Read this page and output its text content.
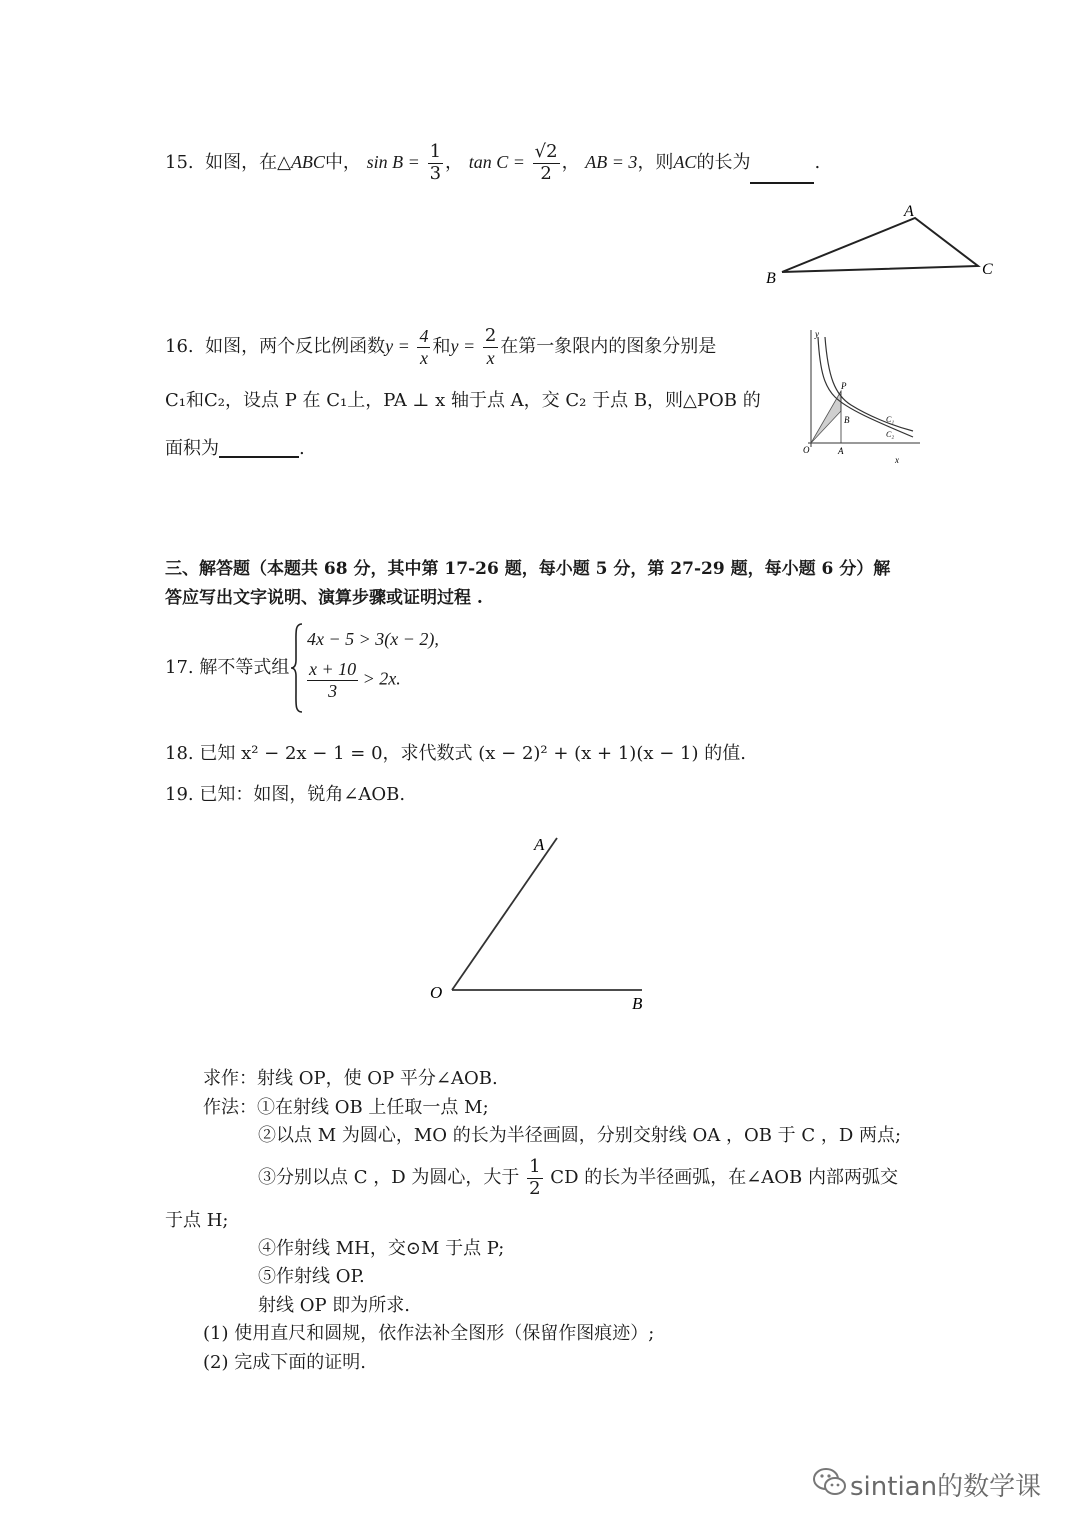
15. 如图，在△ABC中， $\sin B = \frac{1}{3}$ ， $\tan C = \frac{√2}{2}$ ， AB = 3，则AC的长为	.
A
B
C
16. 如图，两个反比例函数$y = \frac{4}{x}$ 和$y = \frac{2}{x}$ 在第一象限内的图象分别是
C₁和C₂，设点 P 在 C₁上，PA ⊥ x 轴于点 A，交 C₂ 于点 B，则△POB 的
面积为	.
y
x
O	A
P
B	C₁
C₂
三、解答题（本题共 68 分，其中第 17-26 题，每小题 5 分，第 27-29 题，每小题 6 分）解
答应写出文字说明、演算步骤或证明过程 .
17. 解不等式组
4x − 5 > 3(x − 2),
$\frac{x + 10}{3} > 2x$.
18. 已知 x² − 2x − 1 = 0，求代数式 (x − 2)² + (x + 1)(x − 1) 的值.
19. 已知：如图，锐角∠AOB.
A
O
B
求作：射线 OP，使 OP 平分∠AOB.
作法：①在射线 OB 上任取一点 M;
②以点 M 为圆心，MO 的长为半径画圆，分别交射线 OA ，OB 于 C ，D 两点;
③分别以点 C ，D 为圆心，大于 $\frac{1}{2}$ CD 的长为半径画弧，在∠AOB 内部两弧交
于点 H;
④作射线 MH，交⊙M 于点 P;
⑤作射线 OP.
射线 OP 即为所求.
(1) 使用直尺和圆规，依作法补全图形（保留作图痕迹）;
(2) 完成下面的证明.
sintian的数学课
